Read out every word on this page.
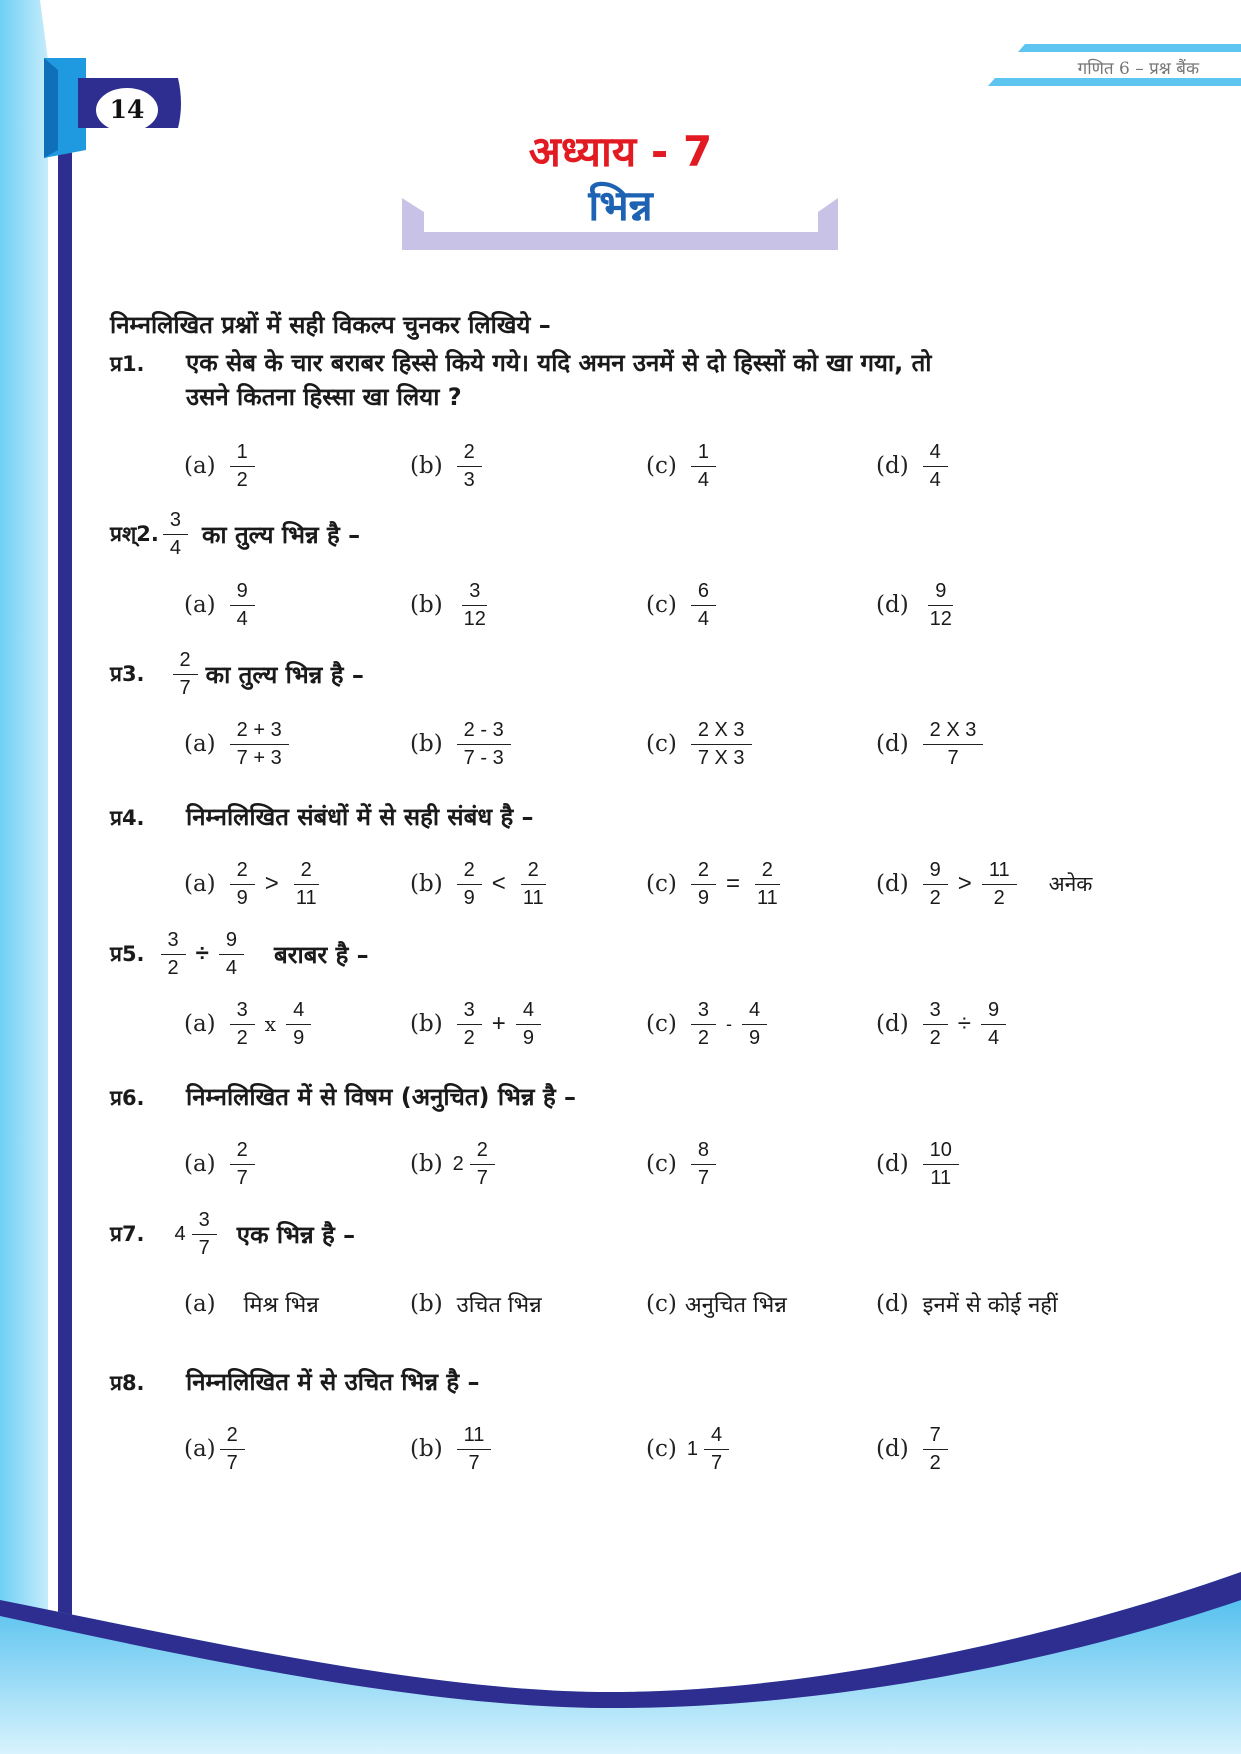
गणित 6 – प्रश्न बैंक
14
अध्याय - 7
भिन्न
निम्नलिखित प्रश्नों में सही विकल्प चुनकर लिखिये –
प्र1. एक सेब के चार बराबर हिस्से किये गये। यदि अमन उनमें से दो हिस्सों को खा गया, तो
उसने कितना हिस्सा खा लिया ?
$(a) \frac{1}{2}$	$(b) \frac{2}{3}$	$(c) \frac{1}{4}$	$(d) \frac{4}{4}$
प्रश्2. $\frac{3}{4}$ का तुल्य भिन्न है –
$(a) \frac{9}{4}$	$(b) \frac{3}{12}$	$(c) \frac{6}{4}$	$(d) \frac{9}{12}$
प्र3. $\frac{2}{7}$ का तुल्य भिन्न है –
$(a) \frac{2 + 3}{7 + 3}$	$(b) \frac{2 - 3}{7 - 3}$	$(c) \frac{2 X 3}{7 X 3}$	$(d) \frac{2 X 3}{7}$
प्र4. निम्नलिखित संबंधों में से सही संबंध है –
$(a) \frac{2}{9} > \frac{2}{11}$	$(b) \frac{2}{9} < \frac{2}{11}$	$(c) \frac{2}{9} = \frac{2}{11}$	$(d) \frac{9}{2} > \frac{11}{2}$ अनेक
प्र5. $\frac{3}{2} \div \frac{9}{4}$ बराबर है –
$(a) \frac{3}{2}$ x $\frac{4}{9}$	$(b) \frac{3}{2} + \frac{4}{9}$	$(c) \frac{3}{2} - \frac{4}{9}$	$(d) \frac{3}{2} \div \frac{9}{4}$
प्र6. निम्नलिखित में से विषम (अनुचित) भिन्न है –
$(a) \frac{2}{7}$	(b) $2 \frac{2}{7}$	$(c) \frac{8}{7}$	$(d) \frac{10}{11}$
प्र7. $4 \frac{3}{7}$ एक भिन्न है –
(a) मिश्र भिन्न	(b) उचित भिन्न	(c) अनुचित भिन्न	(d) इनमें से कोई नहीं
प्र8. निम्नलिखित में से उचित भिन्न है –
$(a) \frac{2}{7}$	$(b) \frac{11}{7}$	(c) $1 \frac{4}{7}$	$(d) \frac{7}{2}$
